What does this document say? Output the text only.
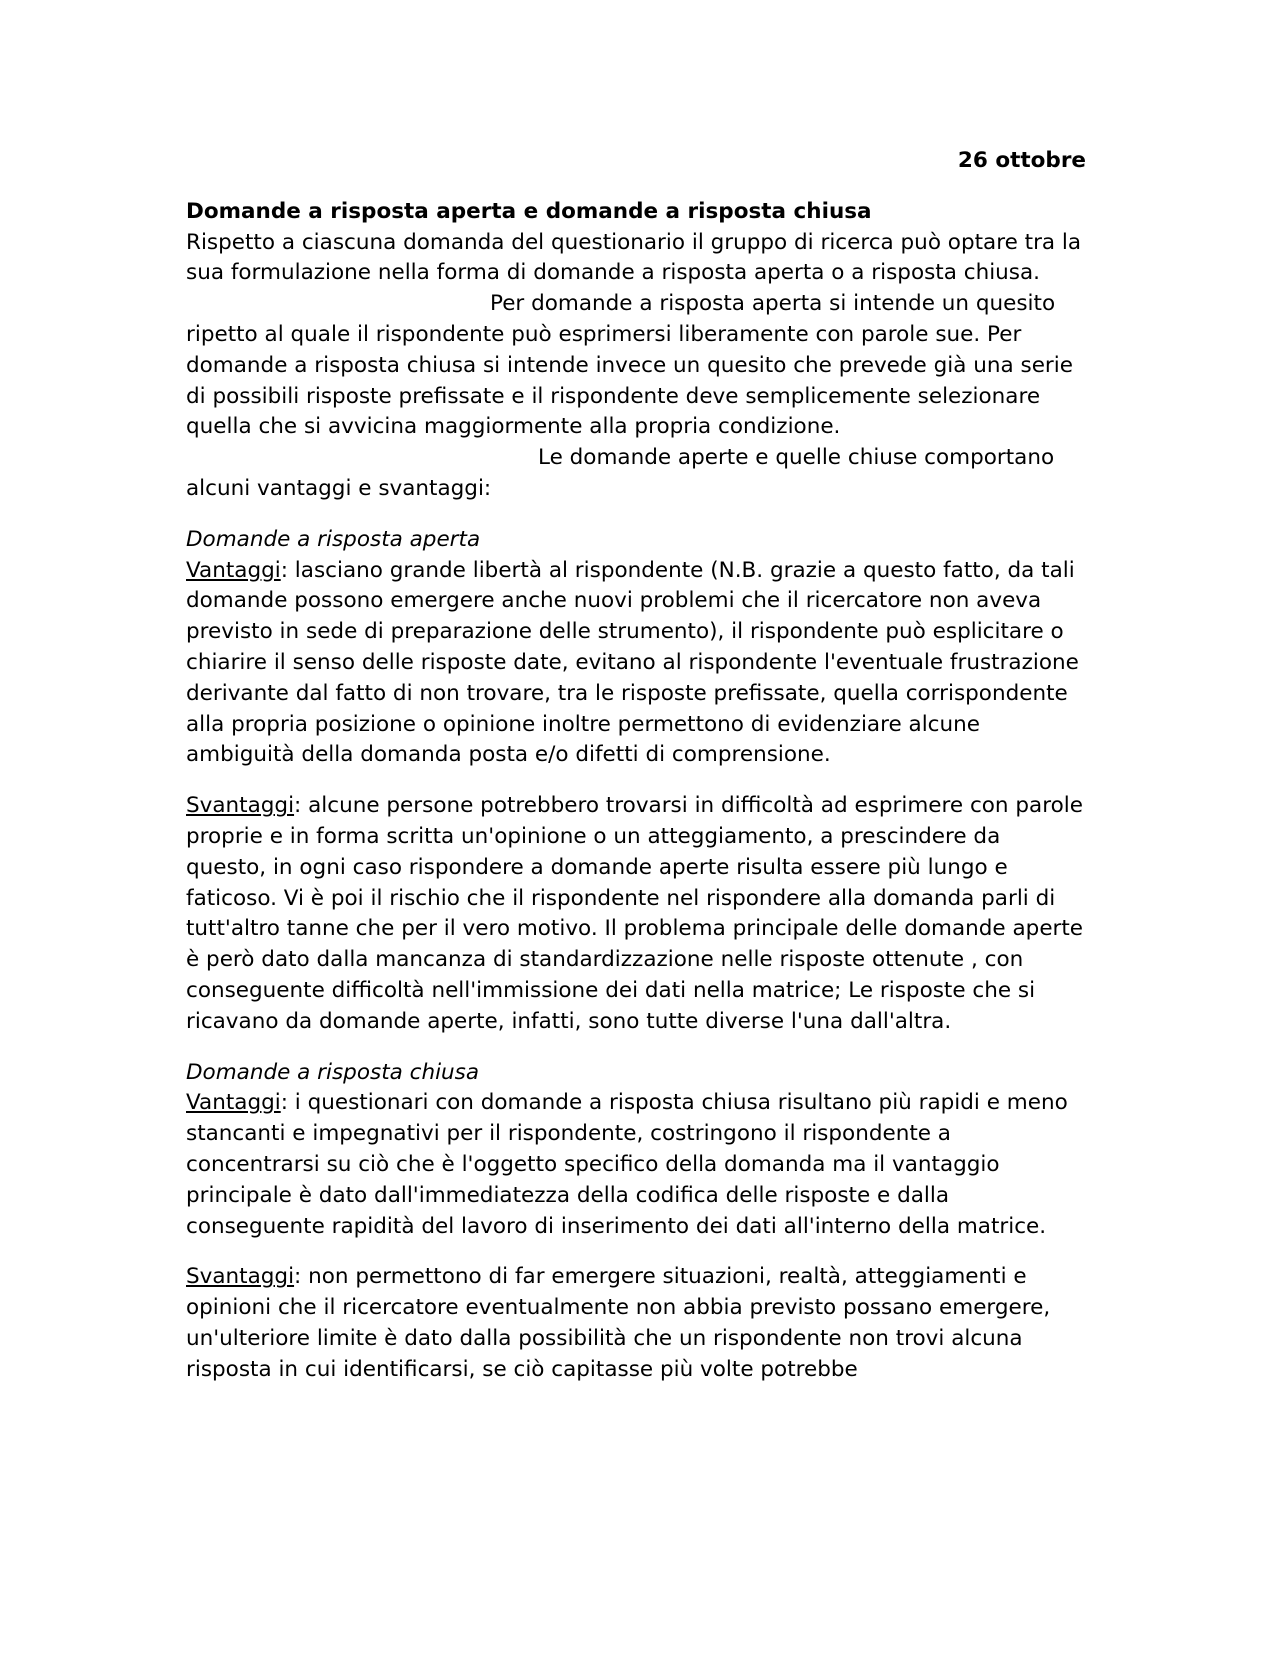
26 ottobre
Domande a risposta aperta e domande a risposta chiusa

Rispetto a ciascuna domanda del questionario il gruppo di ricerca può optare tra la sua formulazione nella forma di domande a risposta aperta o a risposta chiusa.Per domande a risposta aperta si intende un quesito ripetto al quale il rispondente può esprimersi liberamente con parole sue. Per domande a risposta chiusa si intende invece un quesito che prevede già una serie di possibili risposte prefissate e il rispondente deve semplicemente selezionare quella che si avvicina maggiormente alla propria condizione.Le domande aperte e quelle chiuse comportano alcuni vantaggi e svantaggi:

Domande a risposta aperta

Vantaggi: lasciano grande libertà al rispondente (N.B. grazie a questo fatto, da tali domande possono emergere anche nuovi problemi che il ricercatore non aveva previsto in sede di preparazione delle strumento), il rispondente può esplicitare o chiarire il senso delle risposte date, evitano al rispondente l'eventuale frustrazione derivante dal fatto di non trovare, tra le risposte prefissate, quella corrispondente alla propria posizione o opinione inoltre permettono di evidenziare alcune ambiguità della domanda posta e/o difetti di comprensione.

Svantaggi: alcune persone potrebbero trovarsi in difficoltà ad esprimere con parole proprie e in forma scritta un'opinione o un atteggiamento, a prescindere da questo, in ogni caso rispondere a domande aperte risulta essere più lungo e faticoso. Vi è poi il rischio che il rispondente nel rispondere alla domanda parli di tutt'altro tanne che per il vero motivo. Il problema principale delle domande aperte è però dato dalla mancanza di standardizzazione nelle risposte ottenute , con conseguente difficoltà nell'immissione dei dati nella matrice; Le risposte che si ricavano da domande aperte, infatti, sono tutte diverse l'una dall'altra.

Domande a risposta chiusa

Vantaggi: i questionari con domande a risposta chiusa risultano più rapidi e meno stancanti e impegnativi per il rispondente, costringono il rispondente a concentrarsi su ciò che è l'oggetto specifico della domanda ma il vantaggio principale è dato dall'immediatezza della codifica delle risposte e dalla conseguente rapidità del lavoro di inserimento dei dati all'interno della matrice.

Svantaggi: non permettono di far emergere situazioni, realtà, atteggiamenti e opinioni che il ricercatore eventualmente non abbia previsto possano emergere, un'ulteriore limite è dato dalla possibilità che un rispondente non trovi alcuna risposta in cui identificarsi, se ciò capitasse più volte potrebbe
